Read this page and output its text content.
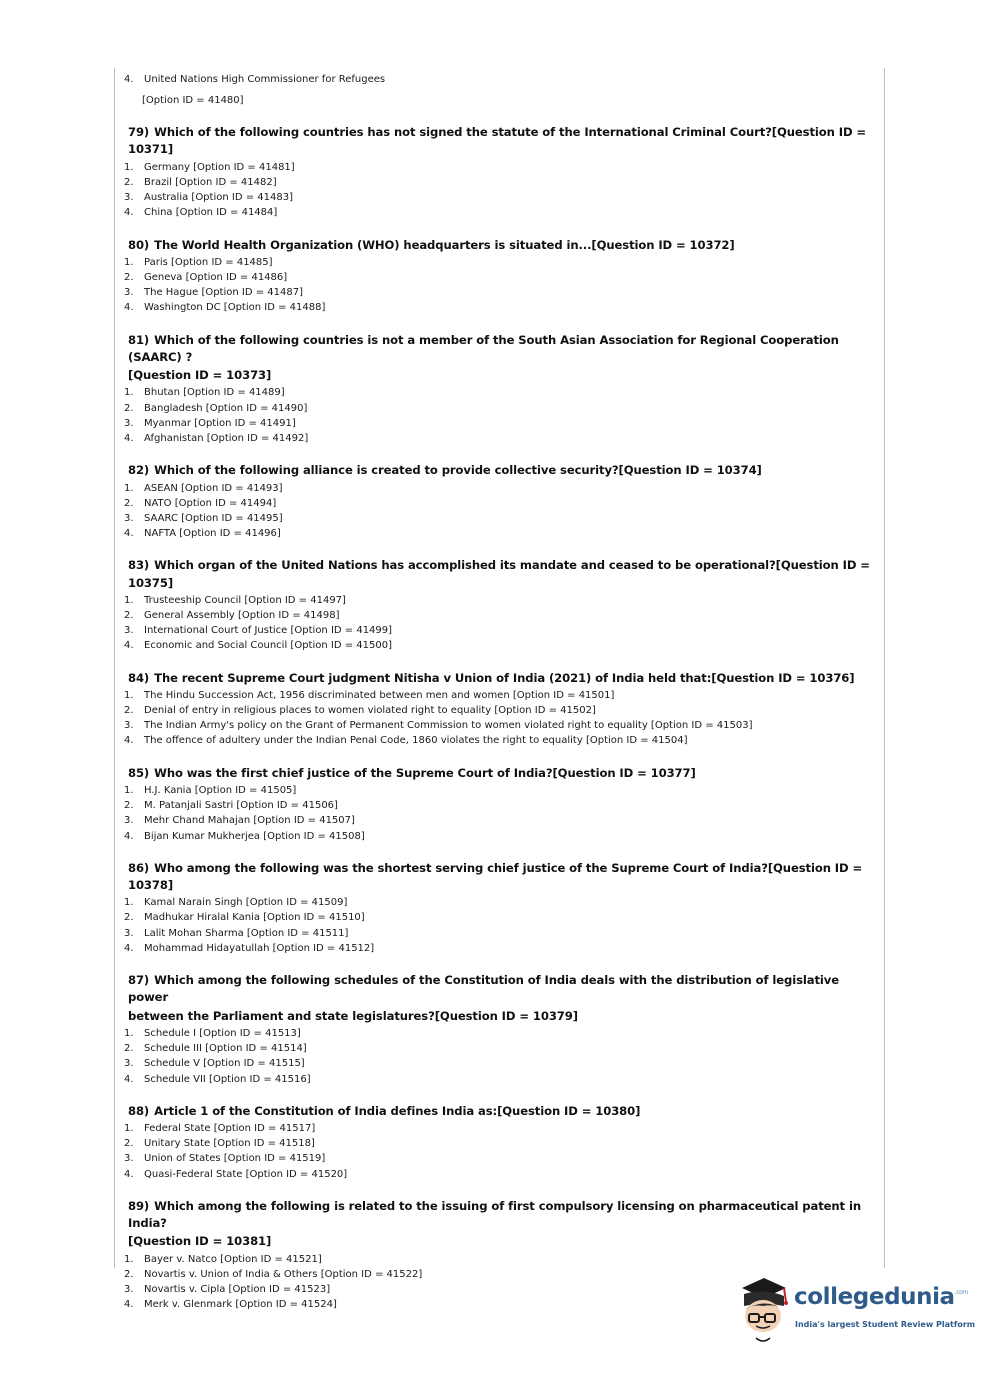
4.	United Nations High Commissioner for Refugees
[Option ID = 41480]
79) Which of the following countries has not signed the statute of the International Criminal Court?[Question ID = 10371]
1.	Germany [Option ID = 41481]
2.	Brazil [Option ID = 41482]
3.	Australia [Option ID = 41483]
4.	China [Option ID = 41484]
80) The World Health Organization (WHO) headquarters is situated in...[Question ID = 10372]
1.	Paris [Option ID = 41485]
2.	Geneva [Option ID = 41486]
3.	The Hague [Option ID = 41487]
4.	Washington DC [Option ID = 41488]
81) Which of the following countries is not a member of the South Asian Association for Regional Cooperation (SAARC) ?
[Question ID = 10373]
1.	Bhutan [Option ID = 41489]
2.	Bangladesh [Option ID = 41490]
3.	Myanmar [Option ID = 41491]
4.	Afghanistan [Option ID = 41492]
82) Which of the following alliance is created to provide collective security?[Question ID = 10374]
1.	ASEAN [Option ID = 41493]
2.	NATO [Option ID = 41494]
3.	SAARC [Option ID = 41495]
4.	NAFTA [Option ID = 41496]
83) Which organ of the United Nations has accomplished its mandate and ceased to be operational?[Question ID = 10375]
1.	Trusteeship Council [Option ID = 41497]
2.	General Assembly [Option ID = 41498]
3.	International Court of Justice [Option ID = 41499]
4.	Economic and Social Council [Option ID = 41500]
84) The recent Supreme Court judgment Nitisha v Union of India (2021) of India held that:[Question ID = 10376]
1.	The Hindu Succession Act, 1956 discriminated between men and women [Option ID = 41501]
2.	Denial of entry in religious places to women violated right to equality [Option ID = 41502]
3.	The Indian Army's policy on the Grant of Permanent Commission to women violated right to equality [Option ID = 41503]
4.	The offence of adultery under the Indian Penal Code, 1860 violates the right to equality [Option ID = 41504]
85) Who was the first chief justice of the Supreme Court of India?[Question ID = 10377]
1.	H.J. Kania [Option ID = 41505]
2.	M. Patanjali Sastri [Option ID = 41506]
3.	Mehr Chand Mahajan [Option ID = 41507]
4.	Bijan Kumar Mukherjea [Option ID = 41508]
86) Who among the following was the shortest serving chief justice of the Supreme Court of India?[Question ID = 10378]
1.	Kamal Narain Singh [Option ID = 41509]
2.	Madhukar Hiralal Kania [Option ID = 41510]
3.	Lalit Mohan Sharma [Option ID = 41511]
4.	Mohammad Hidayatullah [Option ID = 41512]
87) Which among the following schedules of the Constitution of India deals with the distribution of legislative power
between the Parliament and state legislatures?[Question ID = 10379]
1.	Schedule I [Option ID = 41513]
2.	Schedule III [Option ID = 41514]
3.	Schedule V [Option ID = 41515]
4.	Schedule VII [Option ID = 41516]
88) Article 1 of the Constitution of India defines India as:[Question ID = 10380]
1.	Federal State [Option ID = 41517]
2.	Unitary State [Option ID = 41518]
3.	Union of States [Option ID = 41519]
4.	Quasi-Federal State [Option ID = 41520]
89) Which among the following is related to the issuing of first compulsory licensing on pharmaceutical patent in India?
[Question ID = 10381]
1.	Bayer v. Natco [Option ID = 41521]
2.	Novartis v. Union of India & Others [Option ID = 41522]
3.	Novartis v. Cipla [Option ID = 41523]
4.	Merk v. Glenmark [Option ID = 41524]	collegedunia$^{.com}$
India's largest Student Review Platform
